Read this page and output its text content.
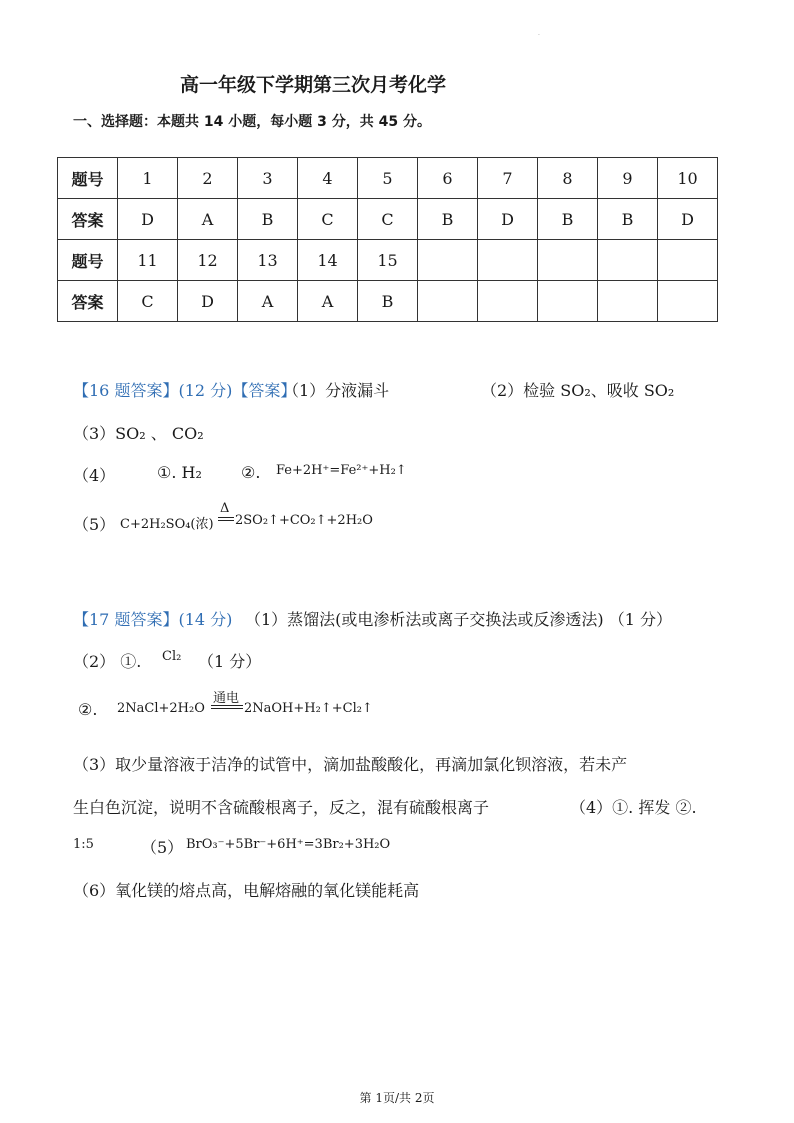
.
高一年级下学期第三次月考化学
一、选择题：本题共 14 小题，每小题 3 分，共 45 分。
题号	1	2	3	4	5	6	7	8	9	10
答案	D	A	B	C	C	B	D	B	B	D
题号	11	12	13	14	15					
答案	C	D	A	A	B					
【16 题答案】(12 分)【答案】
（1）分液漏斗	（2）检验 SO₂、吸收 SO₂
（3）SO₂ 、 CO₂
（4）	①. H₂ ②. Fe+2H⁺=Fe²⁺+H₂↑
（5） C+2H₂SO₄(浓)
Δ
2SO₂↑+CO₂↑+2H₂O
【17 题答案】(14 分) （1）蒸馏法(或电渗析法或离子交换法或反渗透法) （1 分）
（2） ①. Cl₂ （1 分）
②. 2NaCl+2H₂O
通电
2NaOH+H₂↑+Cl₂↑
（3）取少量溶液于洁净的试管中，滴加盐酸酸化，再滴加氯化钡溶液，若未产
生白色沉淀，说明不含硫酸根离子，反之，混有硫酸根离子	（4）①. 挥发 ②.
1:5	（5） BrO₃⁻+5Br⁻+6H⁺=3Br₂+3H₂O
（6）氧化镁的熔点高，电解熔融的氧化镁能耗高
第 1页/共 2页
